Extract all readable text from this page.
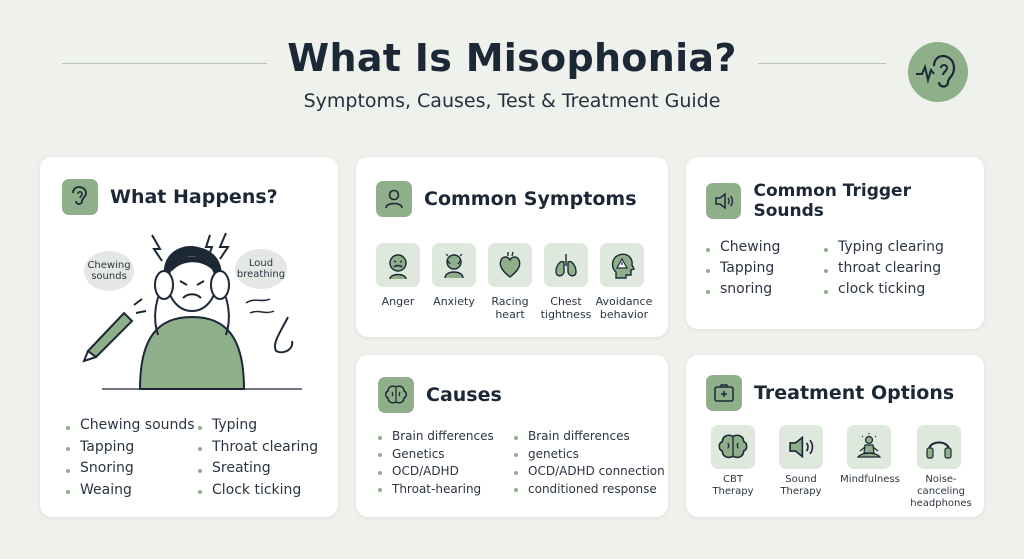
What Is Misophonia?
Symptoms, Causes, Test & Treatment Guide
What Happens?
Chewing sounds
Loud breathing
Chewing sounds
Tapping
Snoring
Weaing
Typing
Throat clearing
Sreating
Clock ticking
Common Symptoms
Anger	Anxiety	Racing heart
Chest tightness
Avoidance behavior
Common Trigger Sounds
Chewing
Tapping
snoring
Typing clearing
throat clearing
clock ticking
Causes
Brain differences
Genetics
OCD/ADHD
Throat-hearing
Brain differences
genetics
OCD/ADHD connection
conditioned response
Treatment Options
CBT Therapy
Sound Therapy
Mindfulness	Noise-canceling headphones
